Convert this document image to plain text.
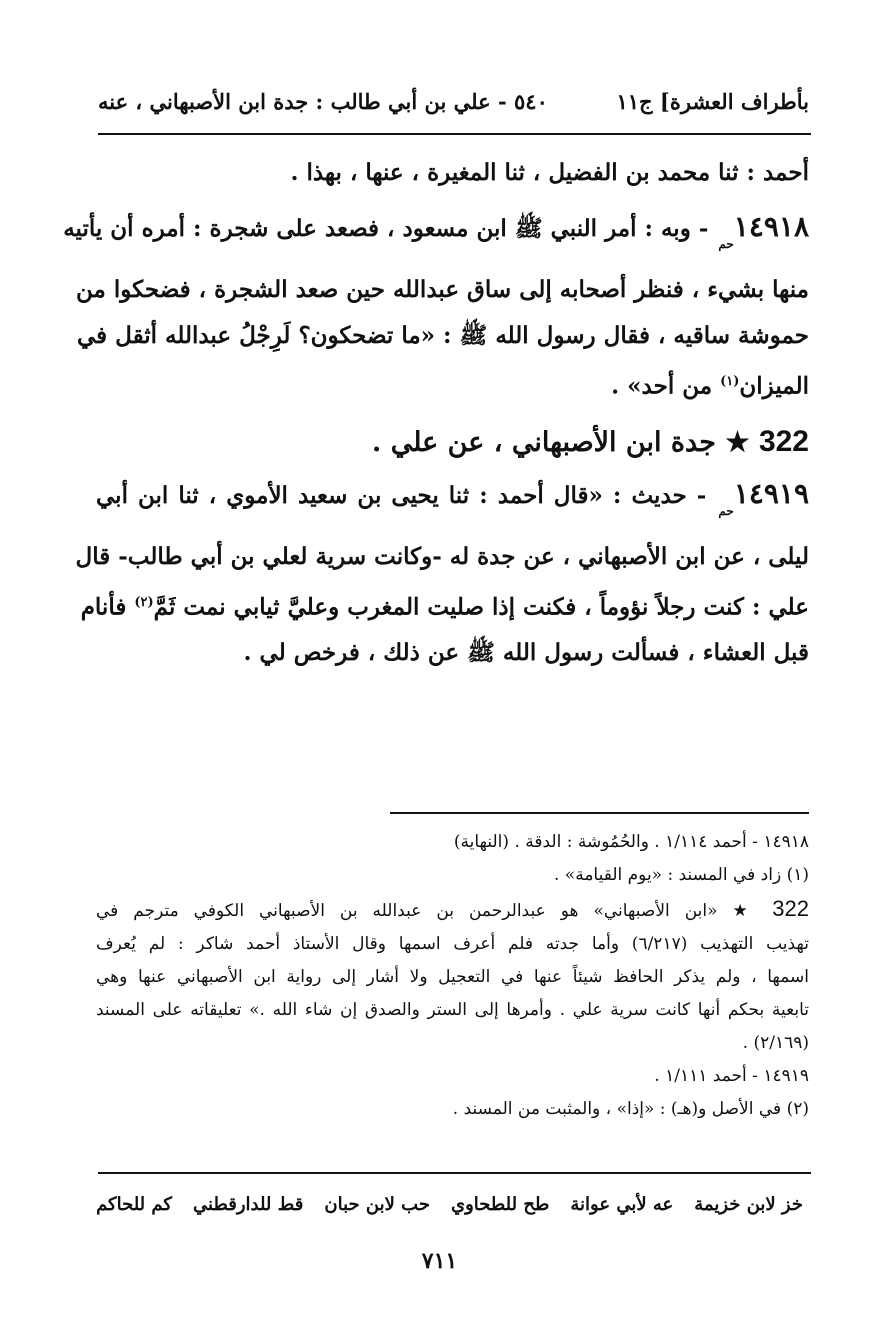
بأطراف العشرة] ج١١
٥٤٠ - علي بن أبي طالب : جدة ابن الأصبهاني ، عنه
أحمد : ثنا محمد بن الفضيل ، ثنا المغيرة ، عنها ، بهذا .
$١٤٩١٨_{حم}$ - وبه : أمر النبي ﷺ ابن مسعود ، فصعد على شجرة : أمره أن يأتيه
منها بشيء ، فنظر أصحابه إلى ساق عبدالله حين صعد الشجرة ، فضحكوا من
حموشة ساقيه ، فقال رسول الله ﷺ : «ما تضحكون؟ لَرِجْلُ عبدالله أثقل في
الميزان$^{(١)}$ من أحد» .
322 ★ جدة ابن الأصبهاني ، عن علي .
$١٤٩١٩_{حم}$ - حديث : «قال أحمد : ثنا يحيى بن سعيد الأموي ، ثنا ابن أبي
ليلى ، عن ابن الأصبهاني ، عن جدة له -وكانت سرية لعلي بن أبي طالب- قال
علي : كنت رجلاً نؤوماً ، فكنت إذا صليت المغرب وعليَّ ثيابي نمت ثَمَّ$^{(٢)}$ فأنام
قبل العشاء ، فسألت رسول الله ﷺ عن ذلك ، فرخص لي .
١٤٩١٨ - أحمد ١/١١٤ . والحُمُوشة : الدقة . (النهاية)
(١) زاد في المسند : «يوم القيامة» .
322 ★ «ابن الأصبهاني» هو عبدالرحمن بن عبدالله بن الأصبهاني الكوفي مترجم في
تهذيب التهذيب (٦/٢١٧) وأما جدته فلم أعرف اسمها وقال الأستاذ أحمد شاكر : لم يُعرف
اسمها ، ولم يذكر الحافظ شيئاً عنها في التعجيل ولا أشار إلى رواية ابن الأصبهاني عنها وهي
تابعية بحكم أنها كانت سرية علي . وأمرها إلى الستر والصدق إن شاء الله .» تعليقاته على المسند
(٢/١٦٩) .
١٤٩١٩ - أحمد ١/١١١ .
(٢) في الأصل و(هـ) : «إذا» ، والمثبت من المسند .
خز لابن خزيمة
عه لأبي عوانة
طح للطحاوي
حب لابن حبان
قط للدارقطني
كم للحاكم
٧١١
